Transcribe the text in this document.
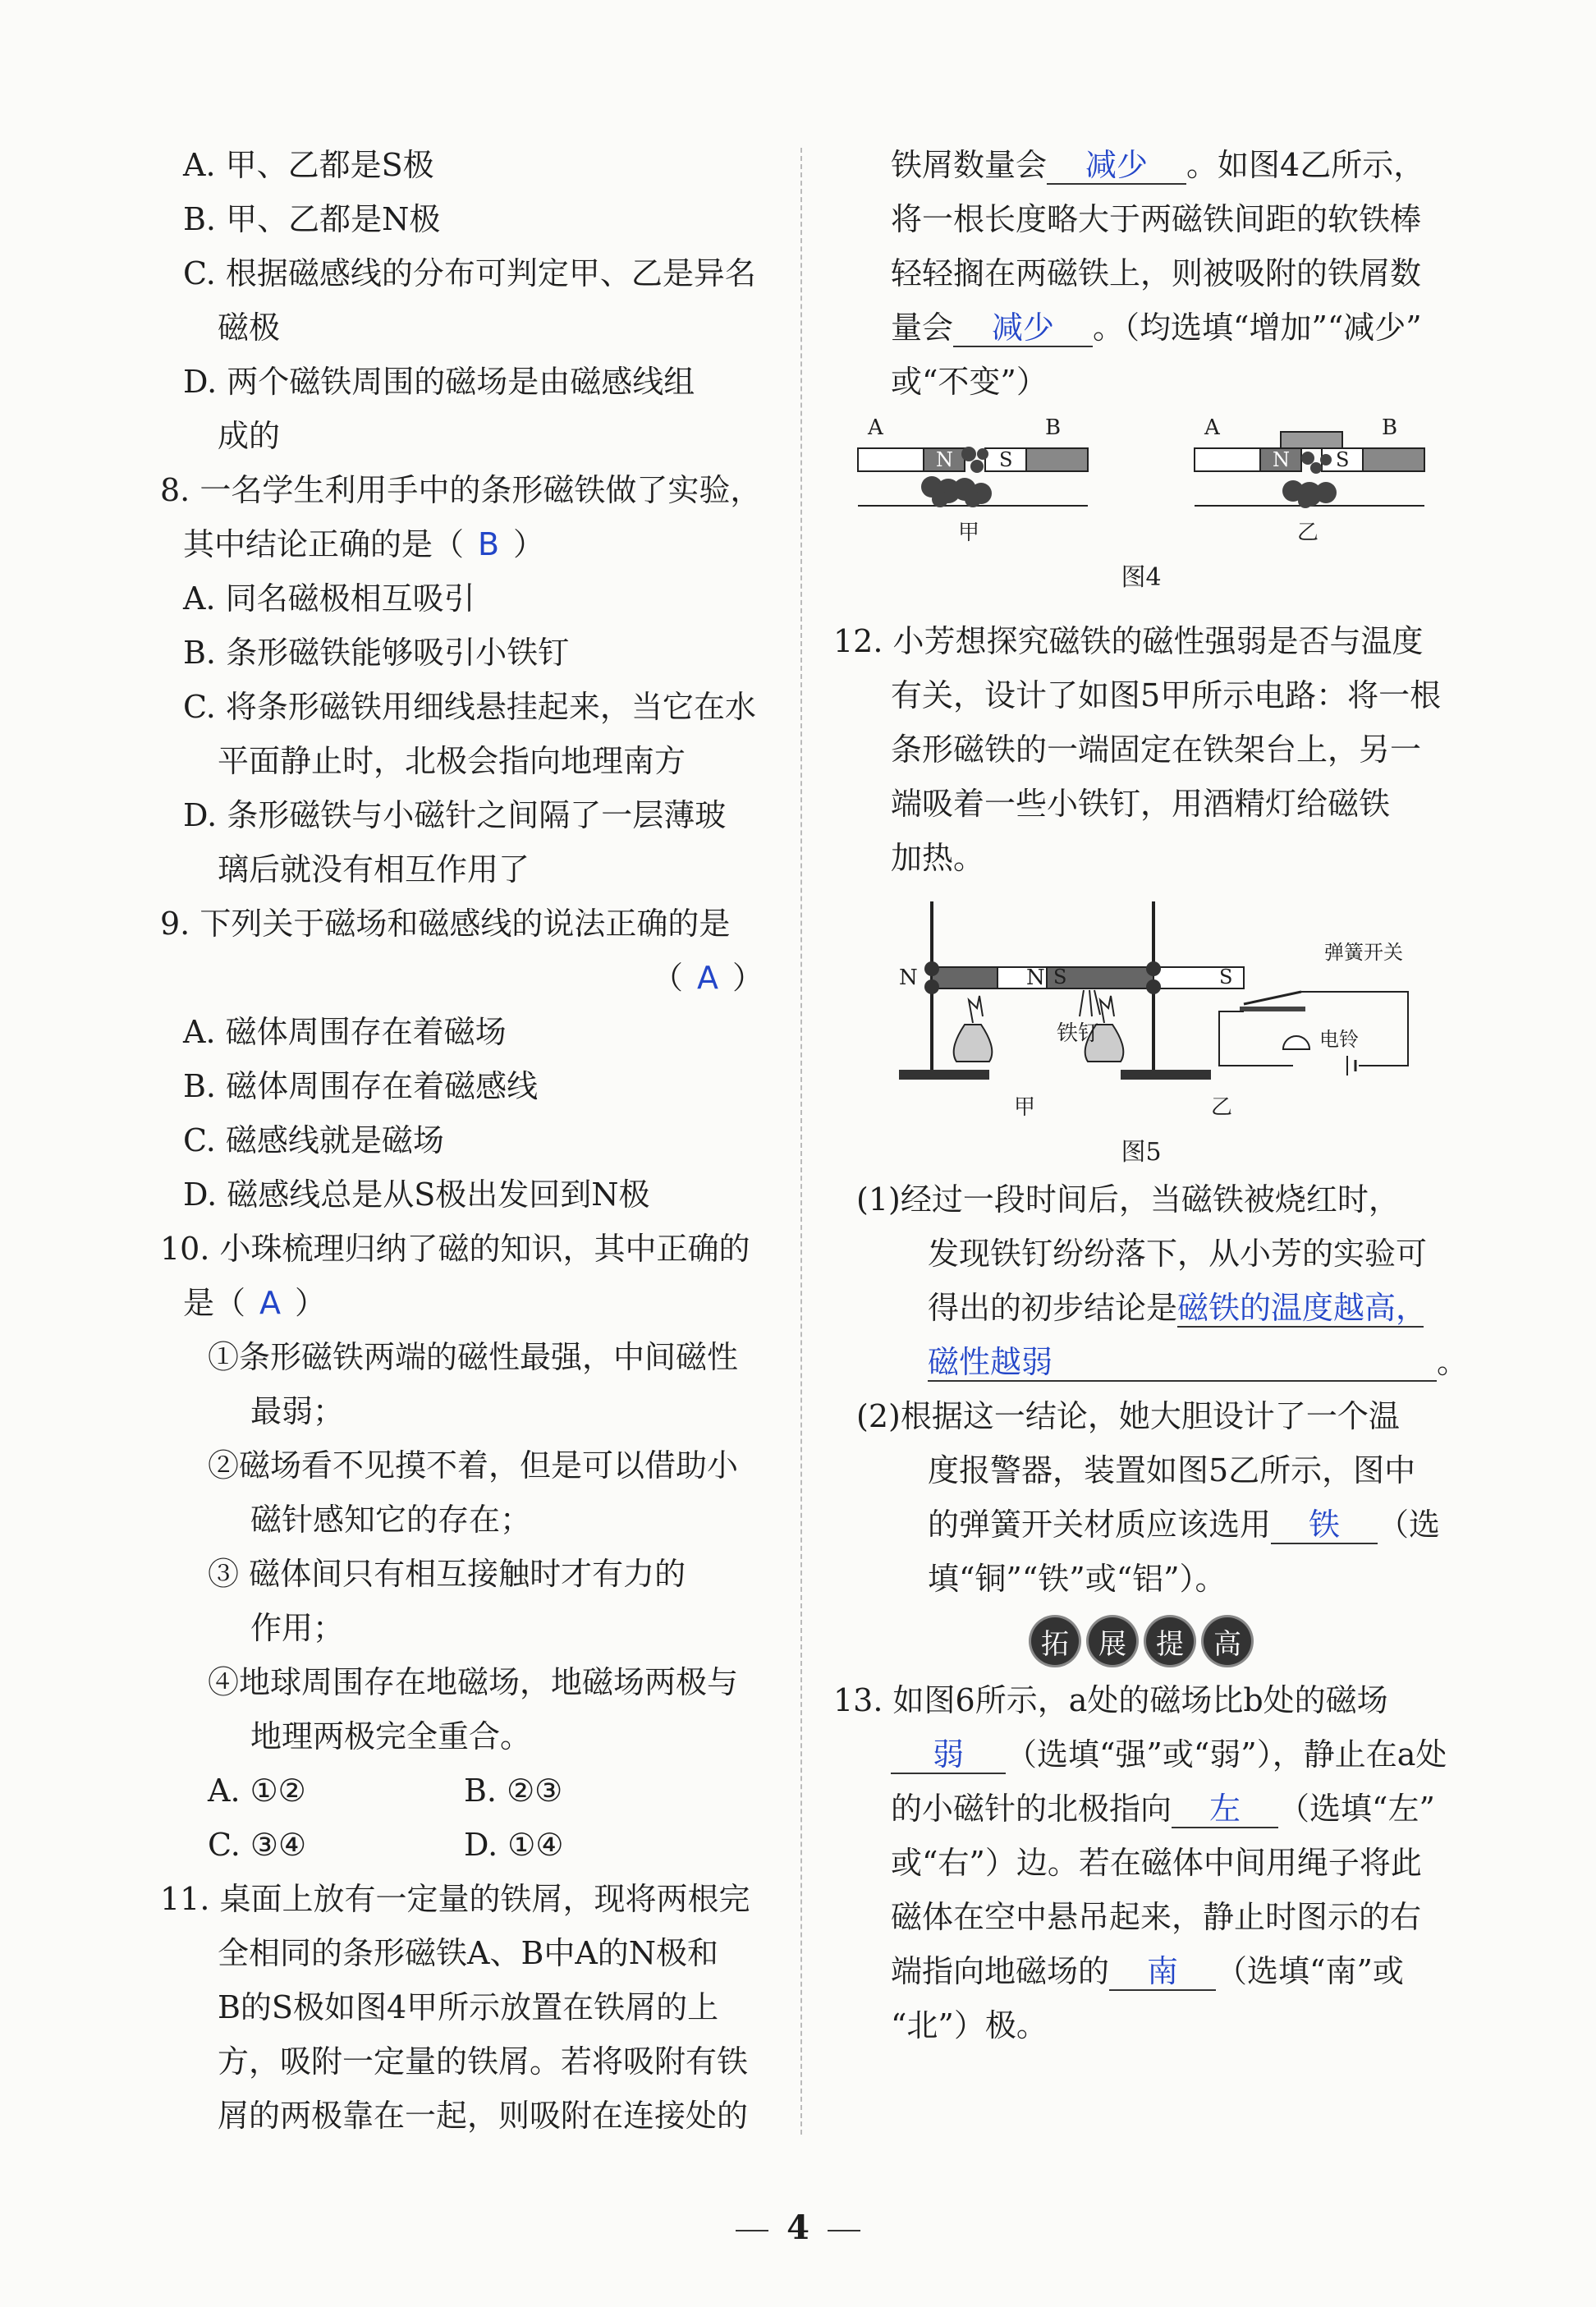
A. 甲、乙都是S极
B. 甲、乙都是N极
C. 根据磁感线的分布可判定甲、乙是异名
磁极
D. 两个磁铁周围的磁场是由磁感线组
成的
8. 一名学生利用手中的条形磁铁做了实验，
其中结论正确的是（ B ）
A. 同名磁极相互吸引
B. 条形磁铁能够吸引小铁钉
C. 将条形磁铁用细线悬挂起来，当它在水
平面静止时，北极会指向地理南方
D. 条形磁铁与小磁针之间隔了一层薄玻
璃后就没有相互作用了
9. 下列关于磁场和磁感线的说法正确的是
（ A ）
A. 磁体周围存在着磁场
B. 磁体周围存在着磁感线
C. 磁感线就是磁场
D. 磁感线总是从S极出发回到N极
10. 小珠梳理归纳了磁的知识，其中正确的
是（ A ）
①条形磁铁两端的磁性最强，中间磁性
最弱；
②磁场看不见摸不着，但是可以借助小
磁针感知它的存在；
③ 磁体间只有相互接触时才有力的
作用；
④地球周围存在地磁场，地磁场两极与
地理两极完全重合。
A. ①②	B. ②③
C. ③④	D. ①④
11. 桌面上放有一定量的铁屑，现将两根完
全相同的条形磁铁A、B中A的N极和
B的S极如图4甲所示放置在铁屑的上
方，吸附一定量的铁屑。若将吸附有铁
屑的两极靠在一起，则吸附在连接处的
铁屑数量会 减少 。如图4乙所示，
将一根长度略大于两磁铁间距的软铁棒
轻轻搁在两磁铁上，则被吸附的铁屑数
量会 减少 。（均选填“增加”“减少”
或“不变”）
A	B
N S
甲
A	B
N S
乙
图4
12. 小芳想探究磁铁的磁性强弱是否与温度
有关，设计了如图5甲所示电路：将一根
条形磁铁的一端固定在铁架台上，另一
端吸着一些小铁钉，用酒精灯给磁铁
加热。
N	S
铁钉
甲
N	S
弹簧开关
电铃
乙
图5
(1)经过一段时间后，当磁铁被烧红时，
发现铁钉纷纷落下，从小芳的实验可
得出的初步结论是磁铁的温度越高，
磁性越弱	。
(2)根据这一结论，她大胆设计了一个温
度报警器，装置如图5乙所示，图中
的弹簧开关材质应该选用 铁 （选
填“铜”“铁”或“铝”）。
拓	展	提	高
13. 如图6所示，a处的磁场比b处的磁场
弱 （选填“强”或“弱”），静止在a处
的小磁针的北极指向 左 （选填“左”
或“右”）边。若在磁体中间用绳子将此
磁体在空中悬吊起来，静止时图示的右
端指向地磁场的 南 （选填“南”或
“北”）极。
4
